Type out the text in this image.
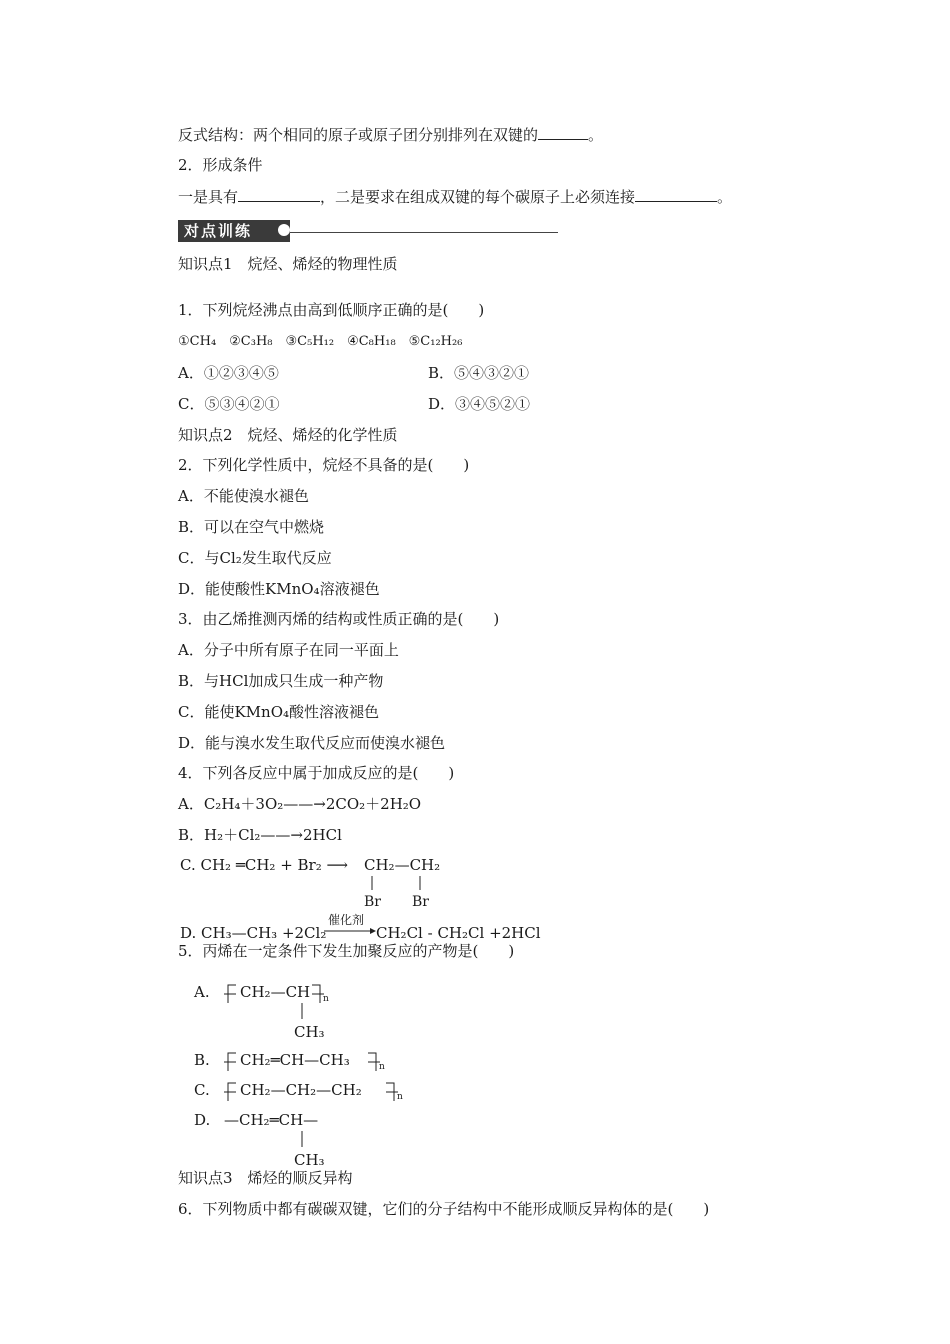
反式结构：两个相同的原子或原子团分别排列在双键的	。
2．形成条件
一是具有	，二是要求在组成双键的每个碳原子上必须连接	。
对点训练
知识点1　烷烃、烯烃的物理性质
1．下列烷烃沸点由高到低顺序正确的是(　　)
①CH₄　②C₃H₈　③C₅H₁₂　④C₈H₁₈　⑤C₁₂H₂₆
A．①②③④⑤	B．⑤④③②①
C．⑤③④②①	D．③④⑤②①
知识点2　烷烃、烯烃的化学性质
2．下列化学性质中，烷烃不具备的是(　　)
A．不能使溴水褪色
B．可以在空气中燃烧
C．与Cl₂发生取代反应
D．能使酸性KMnO₄溶液褪色
3．由乙烯推测丙烯的结构或性质正确的是(　　)
A．分子中所有原子在同一平面上
B．与HCl加成只生成一种产物
C．能使KMnO₄酸性溶液褪色
D．能与溴水发生取代反应而使溴水褪色
4．下列各反应中属于加成反应的是(　　)
A．C₂H₄＋3O₂——→2CO₂＋2H₂O
B．H₂＋Cl₂——→2HCl
C. CH₂ ═CH₂ + Br₂ ⟶ CH₂—CH₂
Br Br
D. CH₃—CH₃ +2Cl₂
催化剂
CH₂Cl - CH₂Cl +2HCl
5．丙烯在一定条件下发生加聚反应的产物是(　　)
A. CH₂—CH n
CH₃
B. CH₂═CH—CH₃	n
C. CH₂—CH₂—CH₂	n
D. —CH₂═CH—
CH₃
知识点3　烯烃的顺反异构
6．下列物质中都有碳碳双键，它们的分子结构中不能形成顺反异构体的是(　　)
